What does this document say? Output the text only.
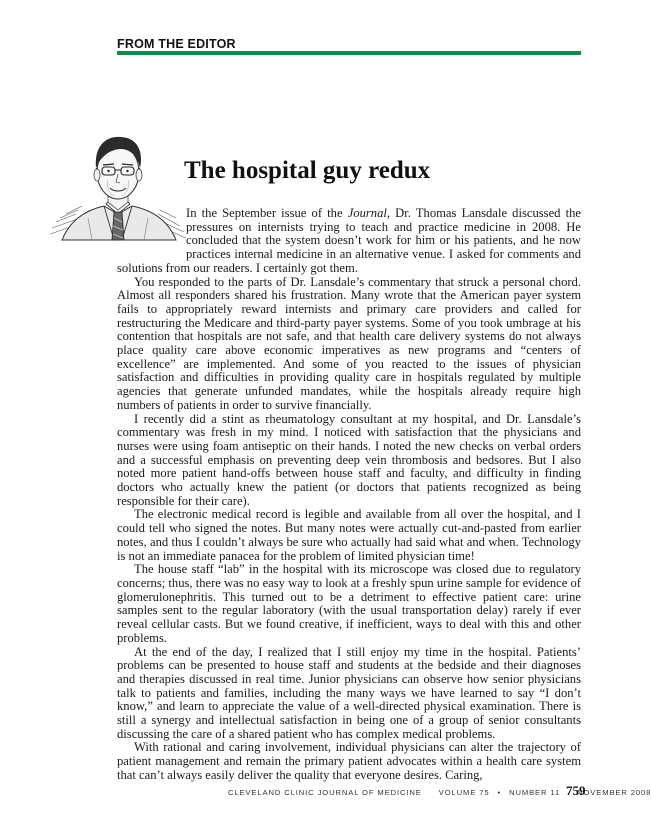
FROM THE EDITOR
The hospital guy redux

In the September issue of the Journal, Dr. Thomas Lansdale discussed the pressures on internists trying to teach and practice medicine in 2008. He concluded that the system doesn’t work for him or his patients, and he now practices internal medicine in an alternative venue. I asked for comments and solutions from our readers. I certainly got them.

You responded to the parts of Dr. Lansdale’s commentary that struck a personal chord. Almost all responders shared his frustration. Many wrote that the American payer system fails to appropriately reward internists and primary care providers and called for restructuring the Medicare and third-party payer systems. Some of you took umbrage at his contention that hospitals are not safe, and that health care delivery systems do not always place quality care above economic imperatives as new programs and “centers of excellence” are implemented. And some of you reacted to the issues of physician satisfaction and difficulties in providing quality care in hospitals regulated by multiple agencies that generate unfunded mandates, while the hospitals already require high numbers of patients in order to survive financially.

I recently did a stint as rheumatology consultant at my hospital, and Dr. Lansdale’s commentary was fresh in my mind. I noticed with satisfaction that the physicians and nurses were using foam antiseptic on their hands. I noted the new checks on verbal orders and a successful emphasis on preventing deep vein thrombosis and bedsores. But I also noted more patient hand-offs between house staff and faculty, and difficulty in finding doctors who actually knew the patient (or doctors that patients recognized as being responsible for their care).

The electronic medical record is legible and available from all over the hospital, and I could tell who signed the notes. But many notes were actually cut-and-pasted from earlier notes, and thus I couldn’t always be sure who actually had said what and when. Technology is not an immediate panacea for the problem of limited physician time!

The house staff “lab” in the hospital with its microscope was closed due to regulatory concerns; thus, there was no easy way to look at a freshly spun urine sample for evidence of glomerulonephritis. This turned out to be a detriment to effective patient care: urine samples sent to the regular laboratory (with the usual transportation delay) rarely if ever reveal cellular casts. But we found creative, if inefficient, ways to deal with this and other problems.

At the end of the day, I realized that I still enjoy my time in the hospital. Patients’ problems can be presented to house staff and students at the bedside and their diagnoses and therapies discussed in real time. Junior physicians can observe how senior physicians talk to patients and families, including the many ways we have learned to say “I don’t know,” and learn to appreciate the value of a well-directed physical examination. There is still a synergy and intellectual satisfaction in being one of a group of senior consultants discussing the care of a shared patient who has complex medical problems.

With rational and caring involvement, individual physicians can alter the trajectory of patient management and remain the primary patient advocates within a health care system that can’t always easily deliver the quality that everyone desires. Caring,

CLEVELAND CLINIC JOURNAL OF MEDICINE VOLUME 75 • NUMBER 11 NOVEMBER 2008
759
